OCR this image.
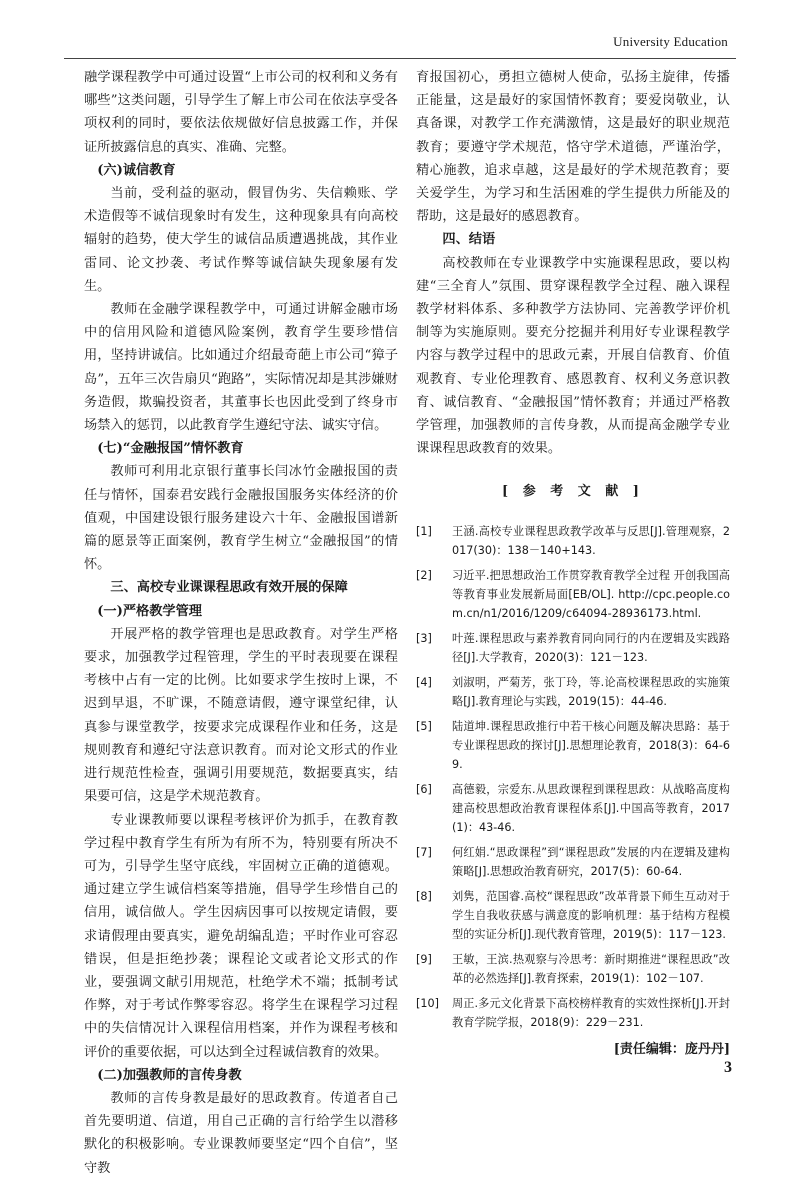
University Education

融学课程教学中可通过设置“上市公司的权利和义务有哪些”这类问题，引导学生了解上市公司在依法享受各项权利的同时，要依法依规做好信息披露工作，并保证所披露信息的真实、准确、完整。

(六)诚信教育

当前，受利益的驱动，假冒伪劣、失信赖账、学术造假等不诚信现象时有发生，这种现象具有向高校辐射的趋势，使大学生的诚信品质遭遇挑战，其作业雷同、论文抄袭、考试作弊等诚信缺失现象屡有发生。

教师在金融学课程教学中，可通过讲解金融市场中的信用风险和道德风险案例，教育学生要珍惜信用，坚持讲诚信。比如通过介绍最奇葩上市公司“獐子岛”，五年三次告扇贝“跑路”，实际情况却是其涉嫌财务造假，欺骗投资者，其董事长也因此受到了终身市场禁入的惩罚，以此教育学生遵纪守法、诚实守信。

(七)“金融报国”情怀教育

教师可利用北京银行董事长闫冰竹金融报国的责任与情怀，国泰君安践行金融报国服务实体经济的价值观，中国建设银行服务建设六十年、金融报国谱新篇的愿景等正面案例，教育学生树立“金融报国”的情怀。

三、高校专业课课程思政有效开展的保障

(一)严格教学管理

开展严格的教学管理也是思政教育。对学生严格要求，加强教学过程管理，学生的平时表现要在课程考核中占有一定的比例。比如要求学生按时上课，不迟到早退，不旷课，不随意请假，遵守课堂纪律，认真参与课堂教学，按要求完成课程作业和任务，这是规则教育和遵纪守法意识教育。而对论文形式的作业进行规范性检查，强调引用要规范，数据要真实，结果要可信，这是学术规范教育。

专业课教师要以课程考核评价为抓手，在教育教学过程中教育学生有所为有所不为，特别要有所决不可为，引导学生坚守底线，牢固树立正确的道德观。通过建立学生诚信档案等措施，倡导学生珍惜自己的信用，诚信做人。学生因病因事可以按规定请假，要求请假理由要真实，避免胡编乱造；平时作业可容忍错误，但是拒绝抄袭；课程论文或者论文形式的作业，要强调文献引用规范，杜绝学术不端；抵制考试作弊，对于考试作弊零容忍。将学生在课程学习过程中的失信情况计入课程信用档案，并作为课程考核和评价的重要依据，可以达到全过程诚信教育的效果。

(二)加强教师的言传身教

教师的言传身教是最好的思政教育。传道者自己首先要明道、信道，用自己正确的言行给学生以潜移默化的积极影响。专业课教师要坚定“四个自信”，坚守教

育报国初心，勇担立德树人使命，弘扬主旋律，传播正能量，这是最好的家国情怀教育；要爱岗敬业，认真备课，对教学工作充满激情，这是最好的职业规范教育；要遵守学术规范，恪守学术道德，严谨治学，精心施教，追求卓越，这是最好的学术规范教育；要关爱学生，为学习和生活困难的学生提供力所能及的帮助，这是最好的感恩教育。

四、结语

高校教师在专业课教学中实施课程思政，要以构建“三全育人”氛围、贯穿课程教学全过程、融入课程教学材料体系、多种教学方法协同、完善教学评价机制等为实施原则。要充分挖掘并利用好专业课程教学内容与教学过程中的思政元素，开展自信教育、价值观教育、专业伦理教育、感恩教育、权利义务意识教育、诚信教育、“金融报国”情怀教育；并通过严格教学管理，加强教师的言传身教，从而提高金融学专业课课程思政教育的效果。

[ 参 考 文 献 ]
[1]	王涵.高校专业课程思政教学改革与反思[J].管理观察，2017(30)：138－140+143.
[2]	习近平.把思想政治工作贯穿教育教学全过程 开创我国高等教育事业发展新局面[EB/OL]. http://cpc.people.com.cn/n1/2016/1209/c64094-28936173.html.
[3]	叶莲.课程思政与素养教育同向同行的内在逻辑及实践路径[J].大学教育，2020(3)：121－123.
[4]	刘淑明，严菊芳，张丁玲，等.论高校课程思政的实施策略[J].教育理论与实践，2019(15)：44-46.
[5]	陆道坤.课程思政推行中若干核心问题及解决思路：基于专业课程思政的探讨[J].思想理论教育，2018(3)：64-69.
[6]	高德毅，宗爱东.从思政课程到课程思政：从战略高度构建高校思想政治教育课程体系[J].中国高等教育，2017(1)：43-46.
[7]	何红娟.“思政课程”到“课程思政”发展的内在逻辑及建构策略[J].思想政治教育研究，2017(5)：60-64.
[8]	刘隽，范国睿.高校“课程思政”改革背景下师生互动对于学生自我收获感与满意度的影响机理：基于结构方程模型的实证分析[J].现代教育管理，2019(5)：117－123.
[9]	王敏，王滨.热观察与冷思考：新时期推进“课程思政”改革的必然选择[J].教育探索，2019(1)：102－107.
[10]	周正.多元文化背景下高校榜样教育的实效性探析[J].开封教育学院学报，2018(9)：229－231.
[责任编辑：庞丹丹]
3
